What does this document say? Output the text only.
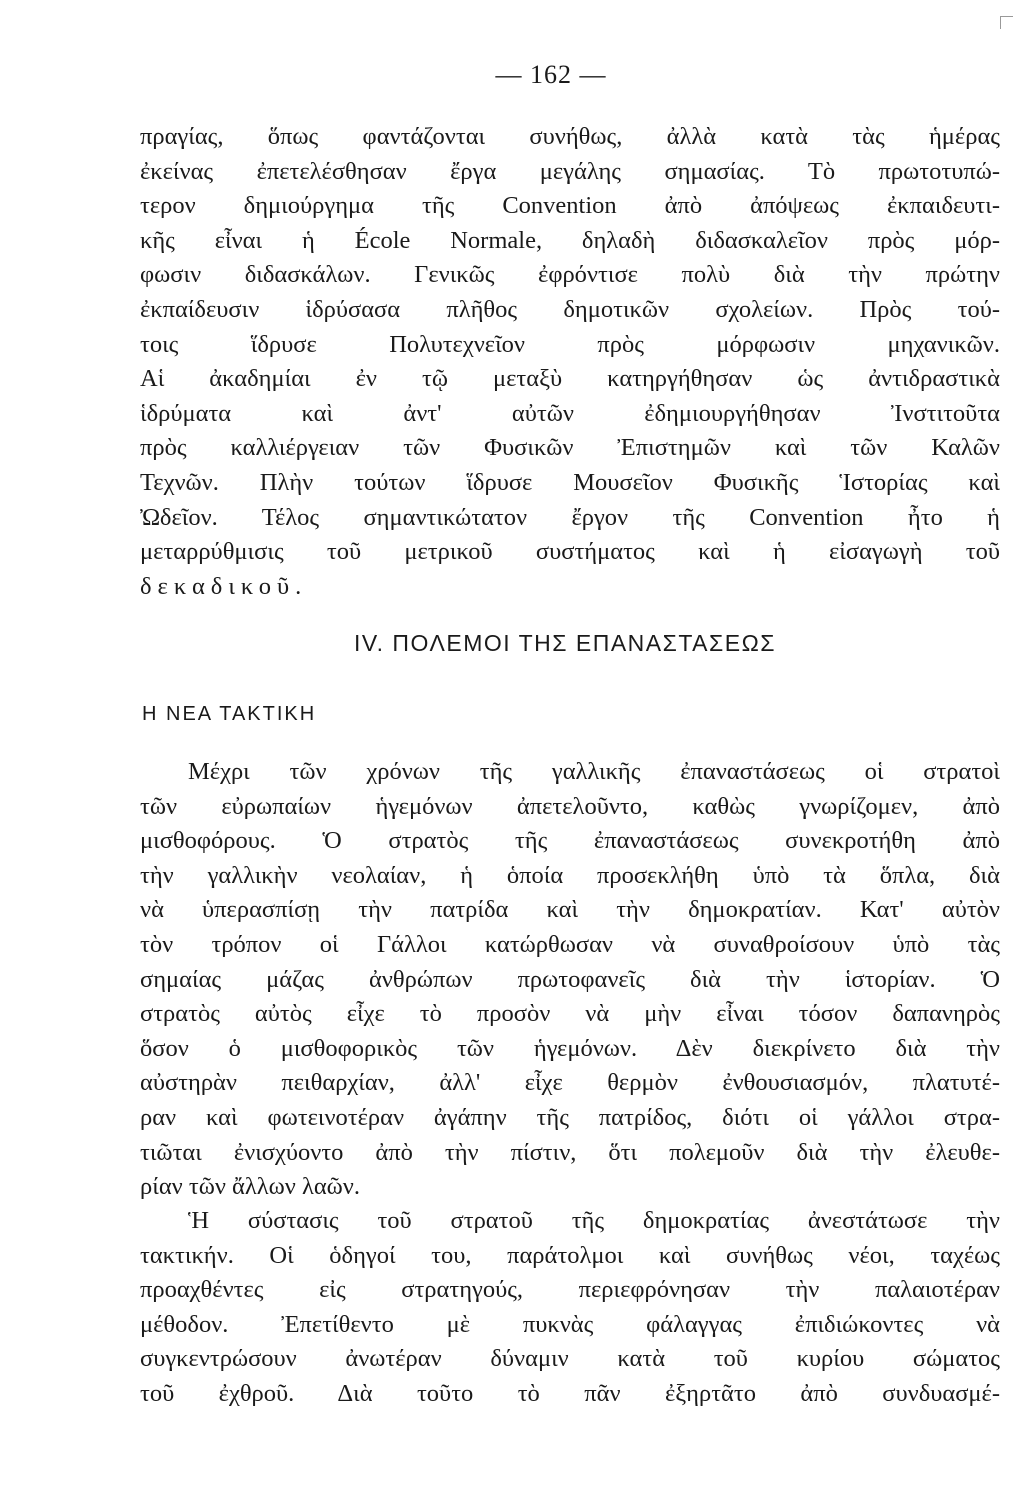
— 162 —
πραγίας, ὅπως φαντάζονται συνήθως, ἀλλὰ κατὰ τὰς ἡμέρας
ἐκείνας ἐπετελέσθησαν ἔργα μεγάλης σημασίας. Τὸ πρωτοτυπώ-
τερον δημιούργημα τῆς Convention ἀπὸ ἀπόψεως ἐκπαιδευτι-
κῆς εἶναι ἡ École Normale, δηλαδὴ διδασκαλεῖον πρὸς μόρ-
φωσιν διδασκάλων. Γενικῶς ἐφρόντισε πολὺ διὰ τὴν πρώτην
ἐκπαίδευσιν ἱδρύσασα πλῆθος δημοτικῶν σχολείων. Πρὸς τού-
τοις ἵδρυσε Πολυτεχνεῖον πρὸς μόρφωσιν μηχανικῶν.
Αἱ ἀκαδημίαι ἐν τῷ μεταξὺ κατηργήθησαν ὡς ἀντιδραστικὰ
ἱδρύματα καὶ ἀντ' αὐτῶν ἐδημιουργήθησαν Ἰνστιτοῦτα
πρὸς καλλιέργειαν τῶν Φυσικῶν Ἐπιστημῶν καὶ τῶν Καλῶν
Τεχνῶν. Πλὴν τούτων ἵδρυσε Μουσεῖον Φυσικῆς Ἱστορίας καὶ
Ὠδεῖον. Τέλος σημαντικώτατον ἔργον τῆς Convention ἦτο ἡ
μεταρρύθμισις τοῦ μετρικοῦ συστήματος καὶ ἡ εἰσαγωγὴ τοῦ
δεκαδικοῦ.
IV. ΠΟΛΕΜΟΙ ΤΗΣ ΕΠΑΝΑΣΤΑΣΕΩΣ
Η ΝΕΑ ΤΑΚΤΙΚΗ
Μέχρι τῶν χρόνων τῆς γαλλικῆς ἐπαναστάσεως οἱ στρατοὶ
τῶν εὐρωπαίων ἡγεμόνων ἀπετελοῦντο, καθὼς γνωρίζομεν, ἀπὸ
μισθοφόρους. Ὁ στρατὸς τῆς ἐπαναστάσεως συνεκροτήθη ἀπὸ
τὴν γαλλικὴν νεολαίαν, ἡ ὁποία προσεκλήθη ὑπὸ τὰ ὅπλα, διὰ
νὰ ὑπερασπίσῃ τὴν πατρίδα καὶ τὴν δημοκρατίαν. Κατ' αὐτὸν
τὸν τρόπον οἱ Γάλλοι κατώρθωσαν νὰ συναθροίσουν ὑπὸ τὰς
σημαίας μάζας ἀνθρώπων πρωτοφανεῖς διὰ τὴν ἱστορίαν. Ὁ
στρατὸς αὐτὸς εἶχε τὸ προσὸν νὰ μὴν εἶναι τόσον δαπανηρὸς
ὅσον ὁ μισθοφορικὸς τῶν ἡγεμόνων. Δὲν διεκρίνετο διὰ τὴν
αὐστηρὰν πειθαρχίαν, ἀλλ' εἶχε θερμὸν ἐνθουσιασμόν, πλατυτέ-
ραν καὶ φωτεινοτέραν ἀγάπην τῆς πατρίδος, διότι οἱ γάλλοι στρα-
τιῶται ἐνισχύοντο ἀπὸ τὴν πίστιν, ὅτι πολεμοῦν διὰ τὴν ἐλευθε-
ρίαν τῶν ἄλλων λαῶν.
Ἡ σύστασις τοῦ στρατοῦ τῆς δημοκρατίας ἀνεστάτωσε τὴν
τακτικήν. Οἱ ὁδηγοί του, παράτολμοι καὶ συνήθως νέοι, ταχέως
προαχθέντες εἰς στρατηγούς, περιεφρόνησαν τὴν παλαιοτέραν
μέθοδον. Ἐπετίθεντο μὲ πυκνὰς φάλαγγας ἐπιδιώκοντες νὰ
συγκεντρώσουν ἀνωτέραν δύναμιν κατὰ τοῦ κυρίου σώματος
τοῦ ἐχθροῦ. Διὰ τοῦτο τὸ πᾶν ἐξηρτᾶτο ἀπὸ συνδυασμέ-
